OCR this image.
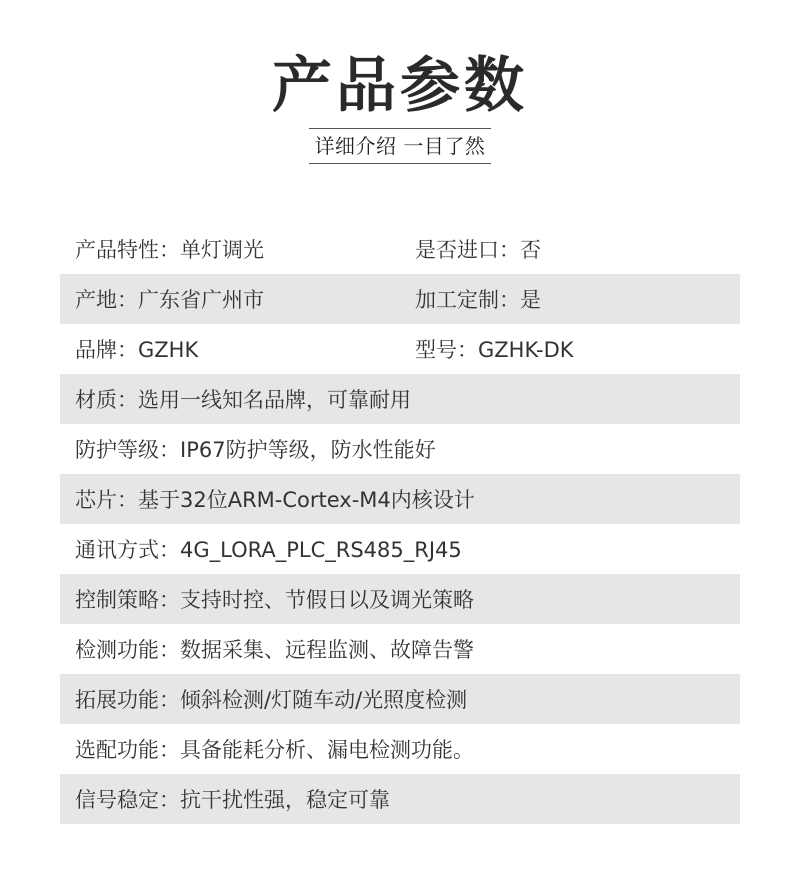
产品参数
详细介绍 一目了然
产品特性：单灯调光	是否进口：否
产地：广东省广州市	加工定制：是
品牌：GZHK	型号：GZHK-DK
材质：选用一线知名品牌，可靠耐用
防护等级：IP67防护等级，防水性能好
芯片：基于32位ARM-Cortex-M4内核设计
通讯方式：4G_LORA_PLC_RS485_RJ45
控制策略：支持时控、节假日以及调光策略
检测功能：数据采集、远程监测、故障告警
拓展功能：倾斜检测/灯随车动/光照度检测
选配功能：具备能耗分析、漏电检测功能。
信号稳定：抗干扰性强，稳定可靠
